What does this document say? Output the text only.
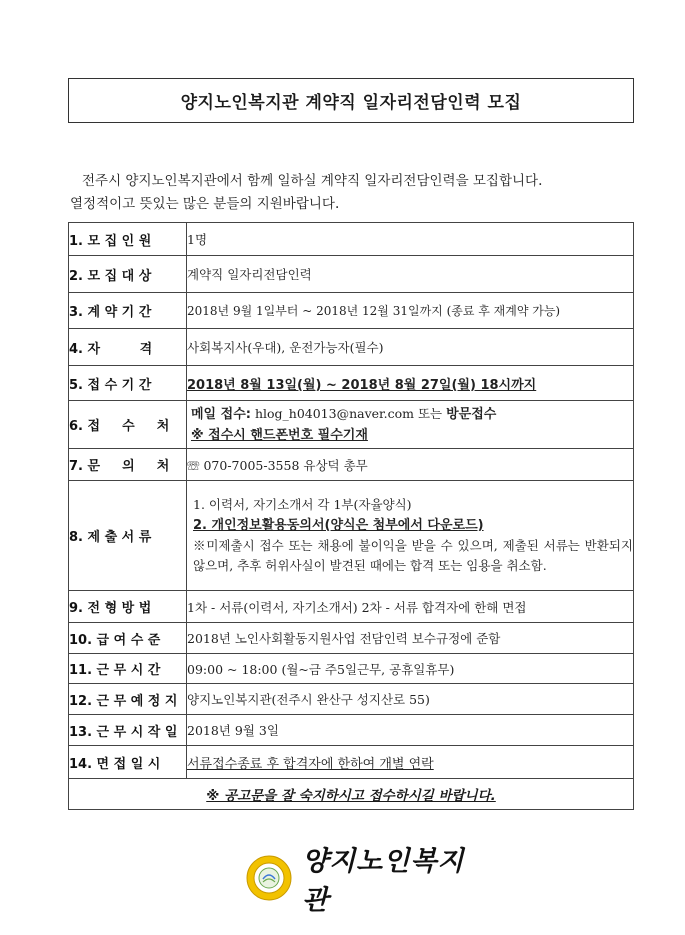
양지노인복지관 계약직 일자리전담인력 모집

전주시 양지노인복지관에서 함께 일하실 계약직 일자리전담인력을 모집합니다.

열정적이고 뜻있는 많은 분들의 지원바랍니다.

1. 모 집 인 원	1명
2. 모 집 대 상	계약직 일자리전담인력
3. 계 약 기 간	2018년 9월 1일부터 ~ 2018년 12월 31일까지 (종료 후 재계약 가능)
4. 자 　 　 격	사회복지사(우대), 운전가능자(필수)
5. 접 수 기 간	2018년 8월 13일(월) ~ 2018년 8월 27일(월) 18시까지
6. 접 　 수 　 처	메일 접수: hlog_h04013@naver.com 또는 방문접수
※ 접수시 핸드폰번호 필수기재

7. 문 　 의 　 처	☏ 070-7005-3558 유상덕 총무
8. 제 출 서 류	1. 이력서, 자기소개서 각 1부(자율양식)
2. 개인정보활용동의서(양식은 첨부에서 다운로드)
※미제출시 접수 또는 채용에 불이익을 받을 수 있으며, 제출된 서류는 반환되지 않으며, 추후 허위사실이 발견된 때에는 합격 또는 임용을 취소함.

9. 전 형 방 법	1차 - 서류(이력서, 자기소개서) 2차 - 서류 합격자에 한해 면접
10. 급 여 수 준	2018년 노인사회활동지원사업 전담인력 보수규정에 준함
11. 근 무 시 간	09:00 ~ 18:00 (월~금 주5일근무, 공휴일휴무)
12. 근 무 예 정 지	양지노인복지관(전주시 완산구 성지산로 55)
13. 근 무 시 작 일	2018년 9월 3일
14. 면 접 일 시	서류접수종료 후 합격자에 한하여 개별 연락
※ 공고문을 잘 숙지하시고 접수하시길 바랍니다.	
양지노인복지관
